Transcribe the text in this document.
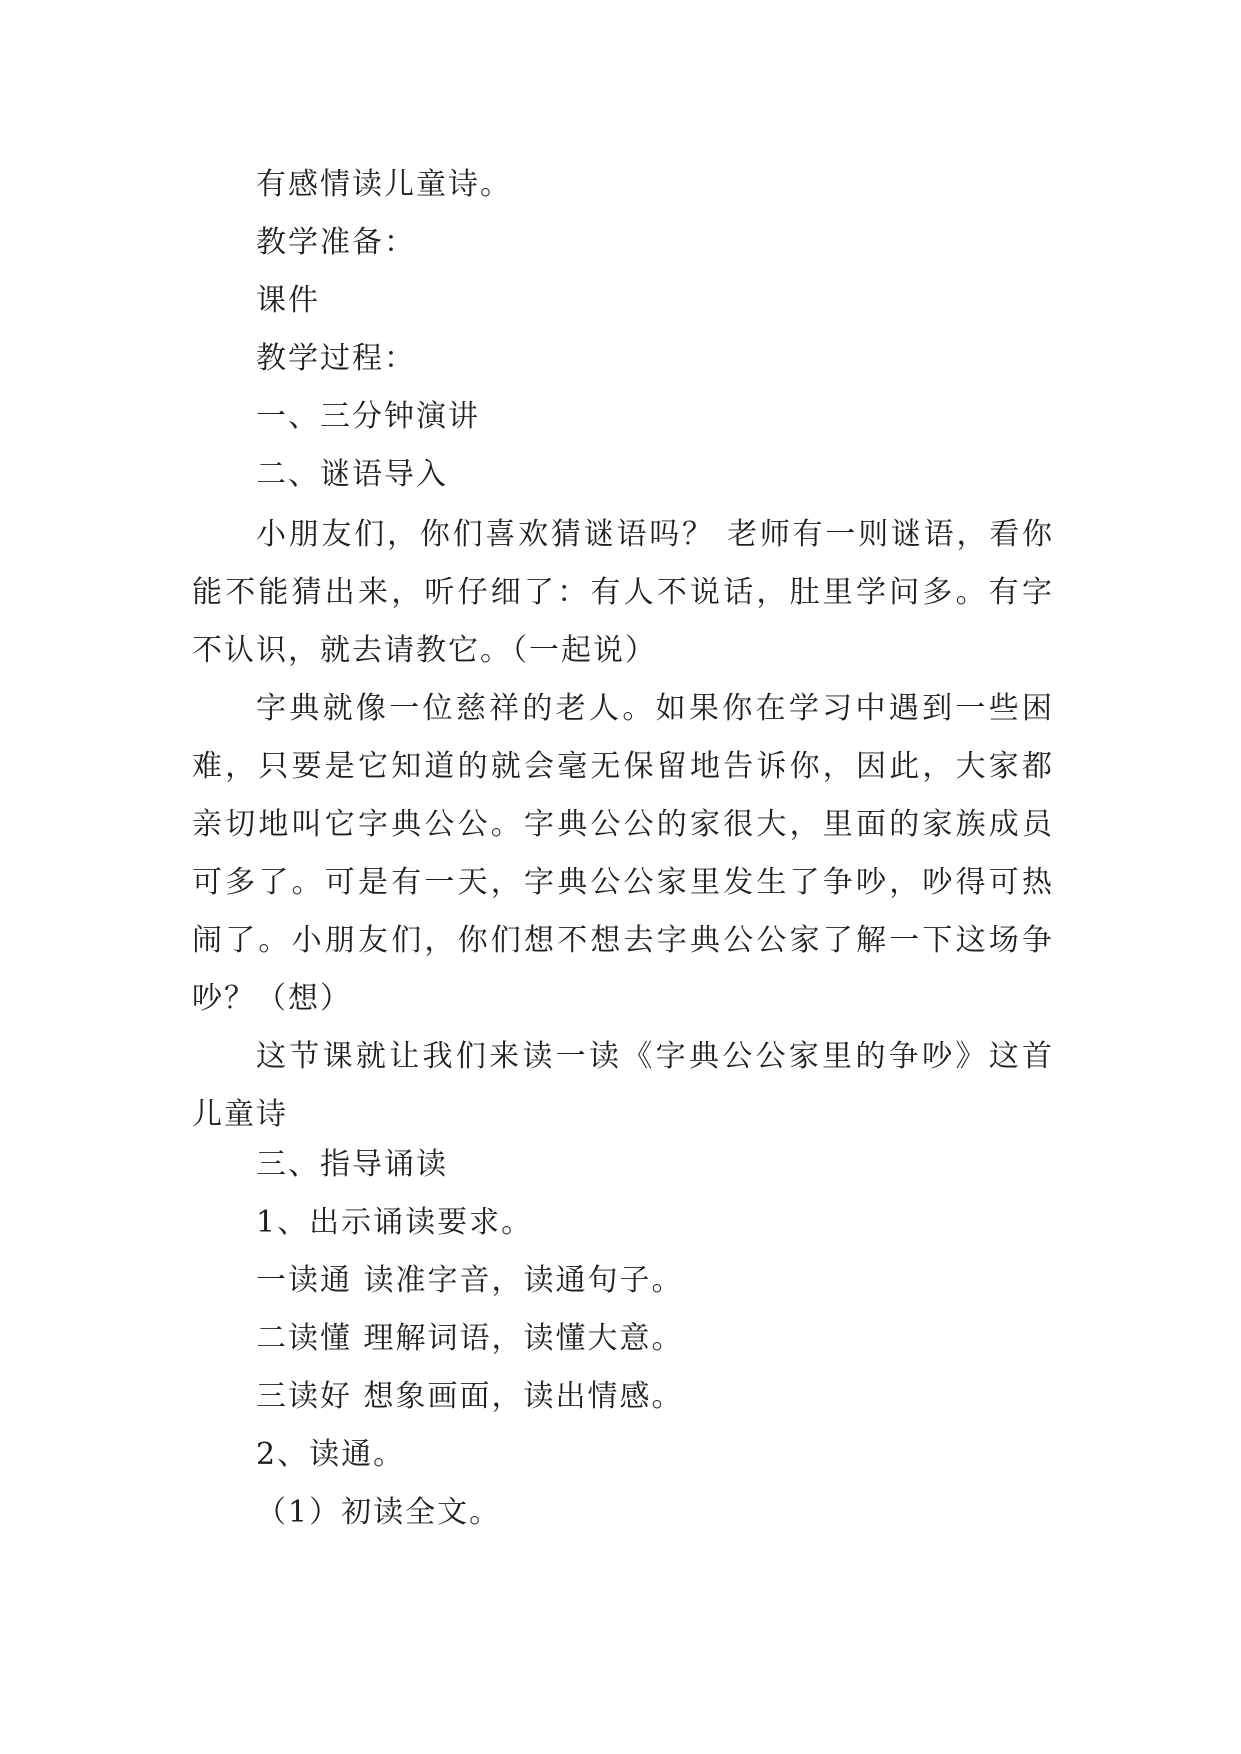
有感情读儿童诗。
教学准备：
课件
教学过程：
一、三分钟演讲
二、谜语导入
小朋友们，你们喜欢猜谜语吗？ 老师有一则谜语，看你能不能猜出来，听仔细了：有人不说话，肚里学问多。有字不认识，就去请教它。（一起说）
字典就像一位慈祥的老人。如果你在学习中遇到一些困难，只要是它知道的就会毫无保留地告诉你，因此，大家都亲切地叫它字典公公。字典公公的家很大，里面的家族成员可多了。可是有一天，字典公公家里发生了争吵，吵得可热闹了。小朋友们，你们想不想去字典公公家了解一下这场争吵？（想）
这节课就让我们来读一读《字典公公家里的争吵》这首儿童诗
三、指导诵读
1、出示诵读要求。
一读通 读准字音，读通句子。
二读懂 理解词语，读懂大意。
三读好 想象画面，读出情感。
2、读通。
（1）初读全文。
